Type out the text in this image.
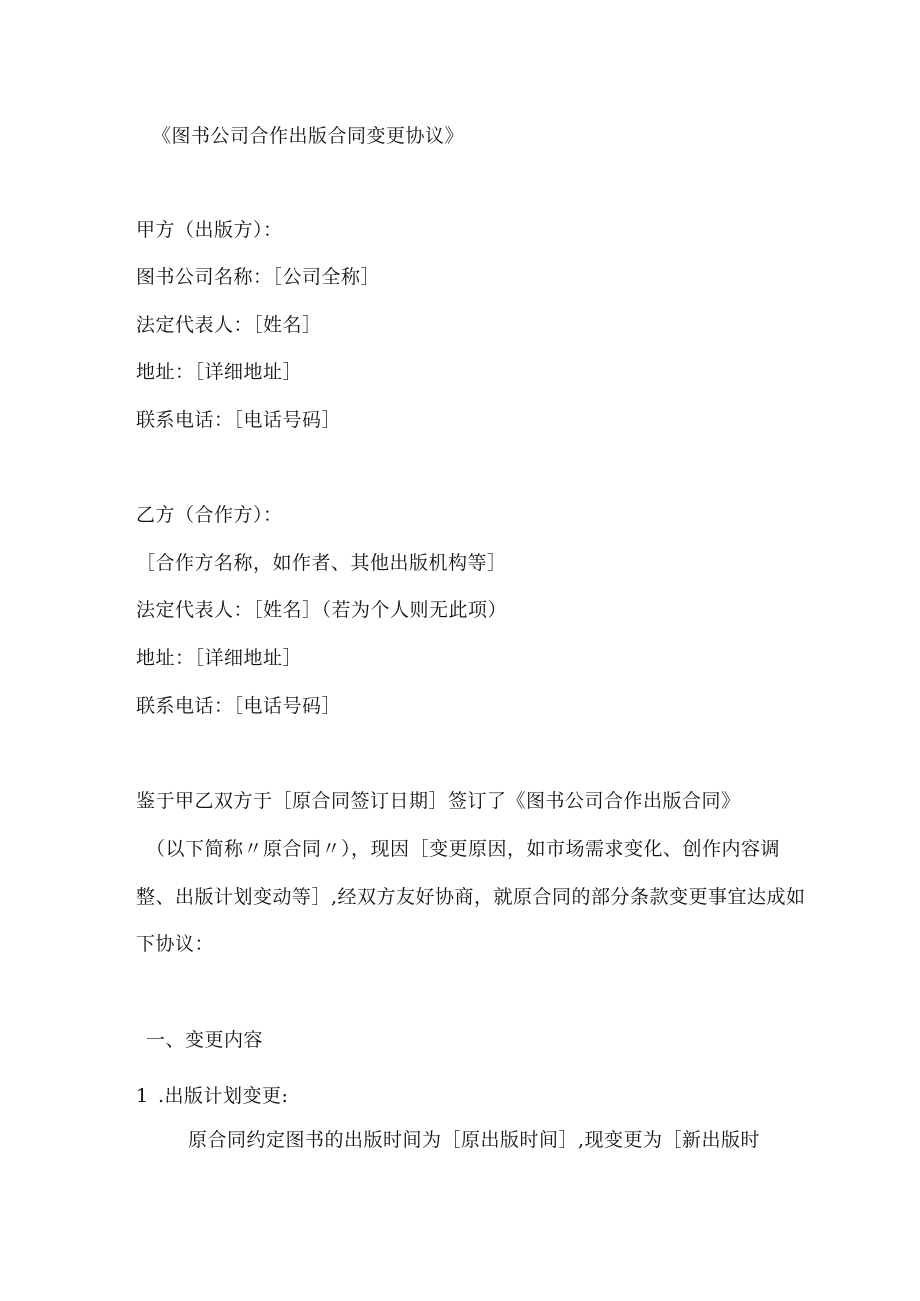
《图书公司合作出版合同变更协议》
甲方（出版方）：
图书公司名称：［公司全称］
法定代表人：［姓名］
地址：［详细地址］
联系电话：［电话号码］
乙方（合作方）：
［合作方名称，如作者、其他出版机构等］
法定代表人：［姓名］（若为个人则无此项）
地址：［详细地址］
联系电话：［电话号码］
鉴于甲乙双方于［原合同签订日期］签订了《图书公司合作出版合同》
（以下简称〃原合同〃），现因［变更原因，如市场需求变化、创作内容调
整、出版计划变动等］,经双方友好协商，就原合同的部分条款变更事宜达成如
下协议：
一、变更内容
1 .出版计划变更:
原合同约定图书的出版时间为［原出版时间］,现变更为［新出版时
